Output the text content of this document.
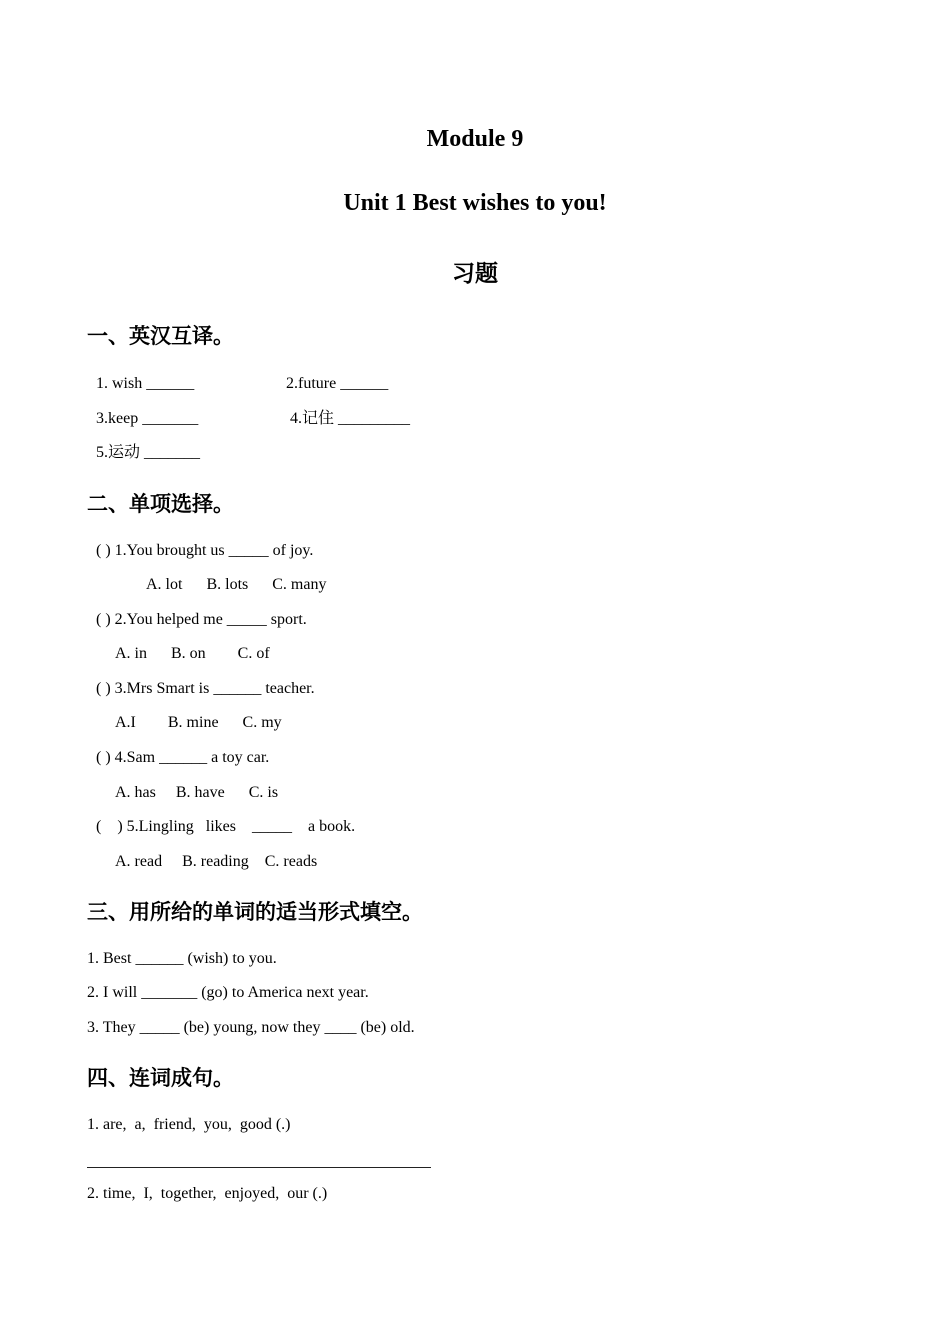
Module 9
Unit 1 Best wishes to you!
习题
一、英汉互译。
1. wish ______	2.future ______
3.keep _______	4.记住 _________
5.运动 _______
二、单项选择。
( ) 1.You brought us _____ of joy.
A. lot      B. lots      C. many
( ) 2.You helped me _____ sport.
A. in      B. on        C. of
( ) 3.Mrs Smart is ______ teacher.
A.I        B. mine      C. my
( ) 4.Sam ______ a toy car.
A. has     B. have      C. is
(    ) 5.Lingling   likes    _____    a book.
A. read     B. reading    C. reads
三、用所给的单词的适当形式填空。
1. Best ______ (wish) to you.
2. I will _______ (go) to America next year.
3. They _____ (be) young, now they ____ (be) old.
四、连词成句。
1. are,  a,  friend,  you,  good (.)
2. time,  I,  together,  enjoyed,  our (.)
